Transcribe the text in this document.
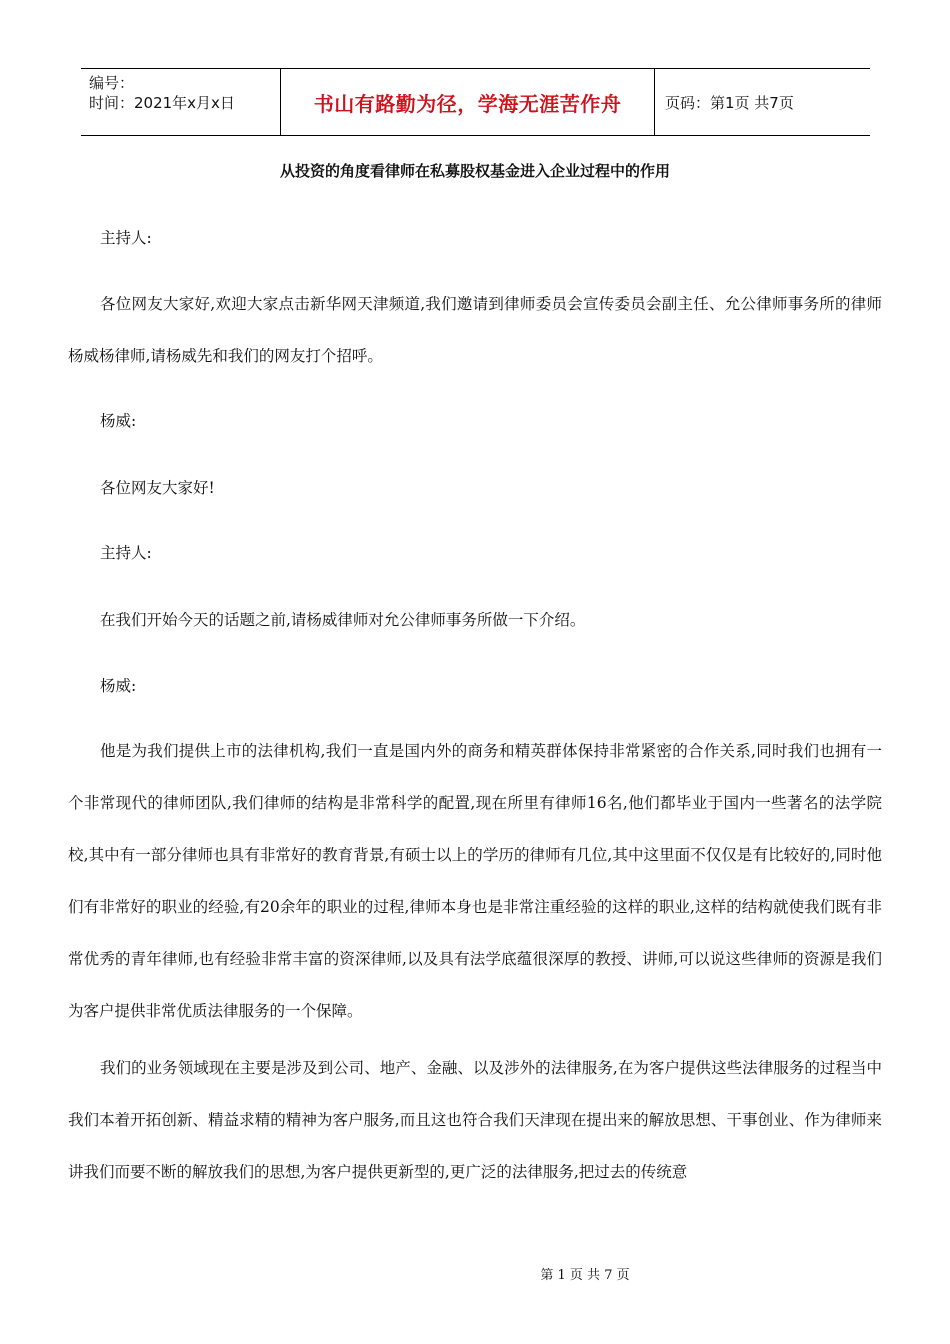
编号：
时间：2021年x月x日	书山有路勤为径，学海无涯苦作舟	页码：第1页 共7页
从投资的角度看律师在私募股权基金进入企业过程中的作用

主持人:

各位网友大家好,欢迎大家点击新华网天津频道,我们邀请到律师委员会宣传委员会副主任、允公律师事务所的律师杨威杨律师,请杨威先和我们的网友打个招呼。

杨威:

各位网友大家好!

主持人:

在我们开始今天的话题之前,请杨威律师对允公律师事务所做一下介绍。

杨威:

他是为我们提供上市的法律机构,我们一直是国内外的商务和精英群体保持非常紧密的合作关系,同时我们也拥有一个非常现代的律师团队,我们律师的结构是非常科学的配置,现在所里有律师16名,他们都毕业于国内一些著名的法学院校,其中有一部分律师也具有非常好的教育背景,有硕士以上的学历的律师有几位,其中这里面不仅仅是有比较好的,同时他们有非常好的职业的经验,有20余年的职业的过程,律师本身也是非常注重经验的这样的职业,这样的结构就使我们既有非常优秀的青年律师,也有经验非常丰富的资深律师,以及具有法学底蕴很深厚的教授、讲师,可以说这些律师的资源是我们为客户提供非常优质法律服务的一个保障。

我们的业务领域现在主要是涉及到公司、地产、金融、以及涉外的法律服务,在为客户提供这些法律服务的过程当中我们本着开拓创新、精益求精的精神为客户服务,而且这也符合我们天津现在提出来的解放思想、干事创业、作为律师来讲我们而要不断的解放我们的思想,为客户提供更新型的,更广泛的法律服务,把过去的传统意

第 1 页 共 7 页
